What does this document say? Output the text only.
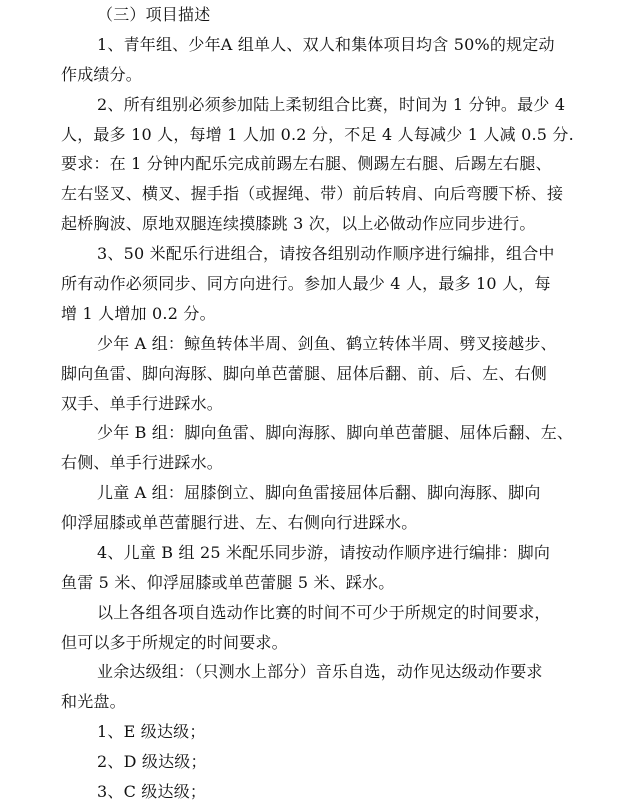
（三）项目描述
1、青年组、少年A 组单人、双人和集体项目均含 50%的规定动
作成绩分。
2、所有组别必须参加陆上柔韧组合比赛，时间为 1 分钟。最少 4
人，最多 10 人，每增 1 人加 0.2 分，不足 4 人每减少 1 人减 0.5 分.
要求：在 1 分钟内配乐完成前踢左右腿、侧踢左右腿、后踢左右腿、
左右竖叉、横叉、握手指（或握绳、带）前后转肩、向后弯腰下桥、接
起桥胸波、原地双腿连续摸膝跳 3 次，以上必做动作应同步进行。
3、50 米配乐行进组合，请按各组别动作顺序进行编排，组合中
所有动作必须同步、同方向进行。参加人最少 4 人，最多 10 人，每
增 1 人增加 0.2 分。
少年 A 组：鲸鱼转体半周、剑鱼、鹤立转体半周、劈叉接越步、
脚向鱼雷、脚向海豚、脚向单芭蕾腿、屈体后翻、前、后、左、右侧
双手、单手行进踩水。
少年 B 组：脚向鱼雷、脚向海豚、脚向单芭蕾腿、屈体后翻、左、
右侧、单手行进踩水。
儿童 A 组：屈膝倒立、脚向鱼雷接屈体后翻、脚向海豚、脚向
仰浮屈膝或单芭蕾腿行进、左、右侧向行进踩水。
4、儿童 B 组 25 米配乐同步游，请按动作顺序进行编排：脚向
鱼雷 5 米、仰浮屈膝或单芭蕾腿 5 米、踩水。
以上各组各项自选动作比赛的时间不可少于所规定的时间要求，
但可以多于所规定的时间要求。
业余达级组：（只测水上部分）音乐自选，动作见达级动作要求
和光盘。
1、E 级达级；
2、D 级达级；
3、C 级达级；
